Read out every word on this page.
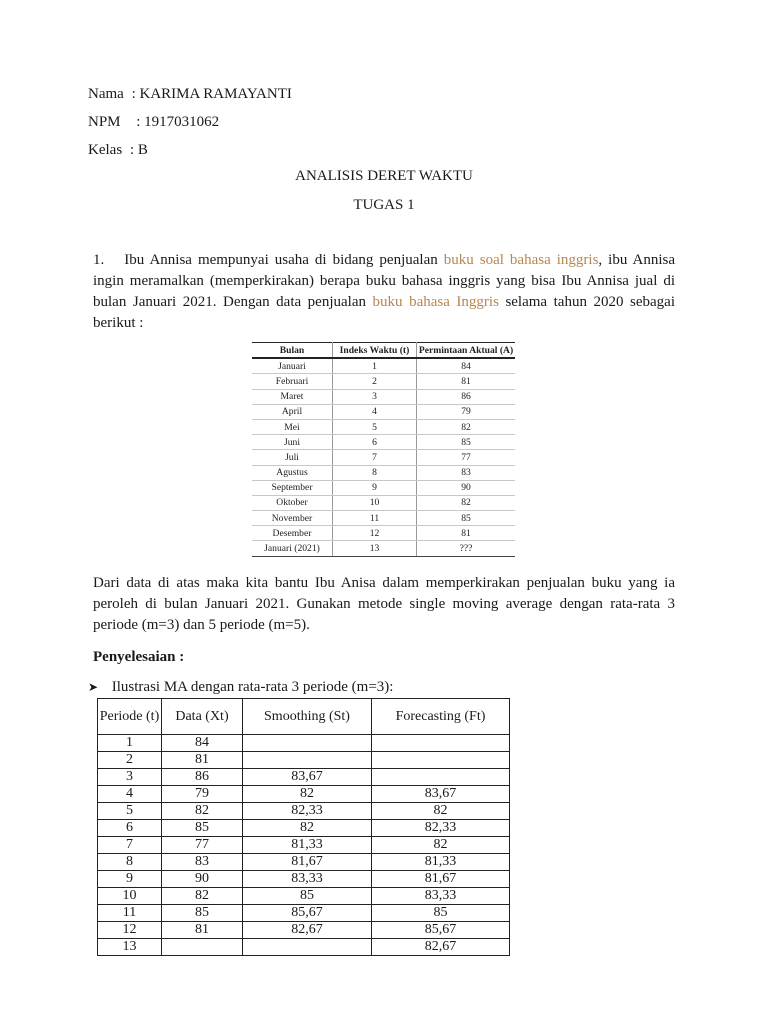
Nama : KARIMA RAMAYANTI
NPM : 1917031062
Kelas : B
ANALISIS DERET WAKTU
TUGAS 1
1. Ibu Annisa mempunyai usaha di bidang penjualan buku soal bahasa inggris, ibu Annisa ingin meramalkan (memperkirakan) berapa buku bahasa inggris yang bisa Ibu Annisa jual di bulan Januari 2021. Dengan data penjualan buku bahasa Inggris selama tahun 2020 sebagai berikut :
Bulan	Indeks Waktu (t)	Permintaan Aktual (A)
Januari	1	84
Februari	2	81
Maret	3	86
April	4	79
Mei	5	82
Juni	6	85
Juli	7	77
Agustus	8	83
September	9	90
Oktober	10	82
November	11	85
Desember	12	81
Januari (2021)	13	???
Dari data di atas maka kita bantu Ibu Anisa dalam memperkirakan penjualan buku yang ia peroleh di bulan Januari 2021. Gunakan metode single moving average dengan rata-rata 3 periode (m=3) dan 5 periode (m=5).
Penyelesaian :
➤ Ilustrasi MA dengan rata-rata 3 periode (m=3):
Periode (t)	Data (Xt)	Smoothing (St)	Forecasting (Ft)
1	84		
2	81		
3	86	83,67	
4	79	82	83,67
5	82	82,33	82
6	85	82	82,33
7	77	81,33	82
8	83	81,67	81,33
9	90	83,33	81,67
10	82	85	83,33
11	85	85,67	85
12	81	82,67	85,67
13			82,67
